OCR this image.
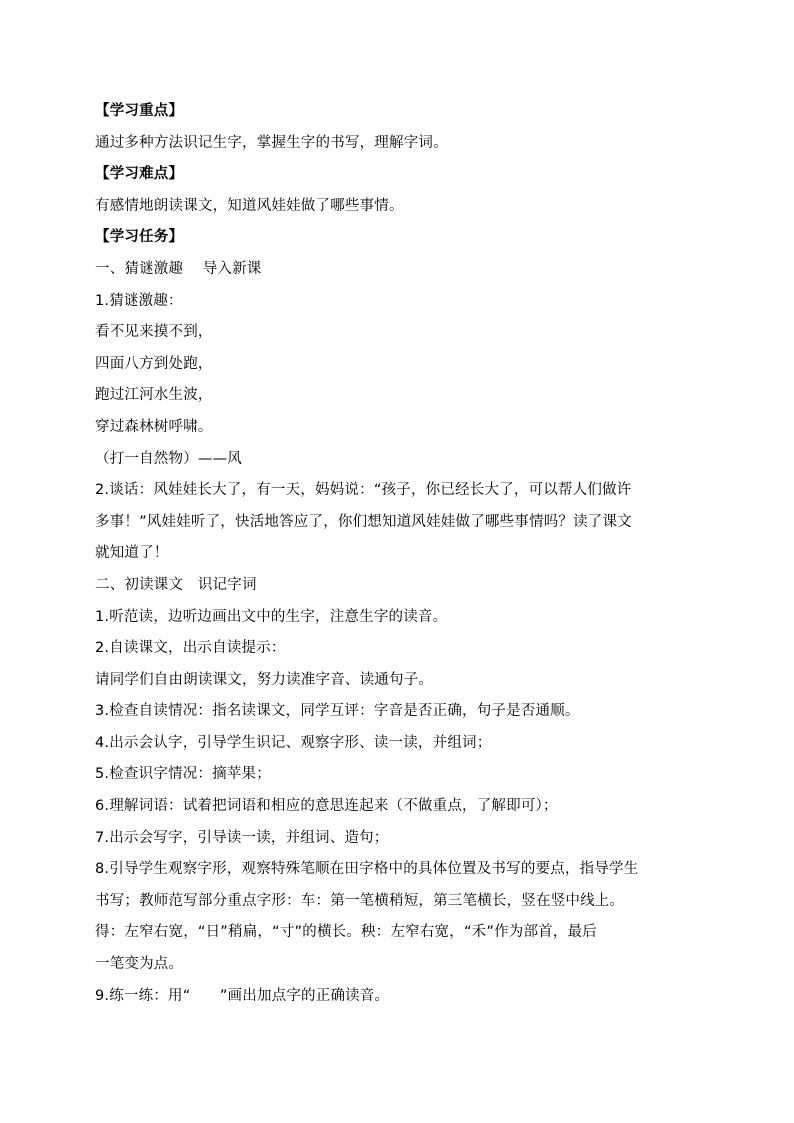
【学习重点】
通过多种方法识记生字，掌握生字的书写，理解字词。
【学习难点】
有感情地朗读课文，知道风娃娃做了哪些事情。
【学习任务】
一、猜谜激趣　 导入新课
1.猜谜激趣：
看不见来摸不到，
四面八方到处跑，
跑过江河水生波，
穿过森林树呼啸。
（打一自然物）——风
2.谈话：风娃娃长大了，有一天，妈妈说：“孩子，你已经长大了，可以帮人们做许
多事！”风娃娃听了，快活地答应了，你们想知道风娃娃做了哪些事情吗？读了课文
就知道了！
二、初读课文　识记字词
1.听范读，边听边画出文中的生字，注意生字的读音。
2.自读课文，出示自读提示：
请同学们自由朗读课文，努力读准字音、读通句子。
3.检查自读情况：指名读课文，同学互评：字音是否正确，句子是否通顺。
4.出示会认字，引导学生识记、观察字形、读一读，并组词；
5.检查识字情况：摘苹果；
6.理解词语：试着把词语和相应的意思连起来（不做重点，了解即可）；
7.出示会写字，引导读一读，并组词、造句；
8.引导学生观察字形，观察特殊笔顺在田字格中的具体位置及书写的要点，指导学生
书写；教师范写部分重点字形：车：第一笔横稍短，第三笔横长，竖在竖中线上。
得：左窄右宽，“日”稍扁，“寸”的横长。秧：左窄右宽，“禾”作为部首，最后
一笔变为点。
9.练一练：用“　　”画出加点字的正确读音。
